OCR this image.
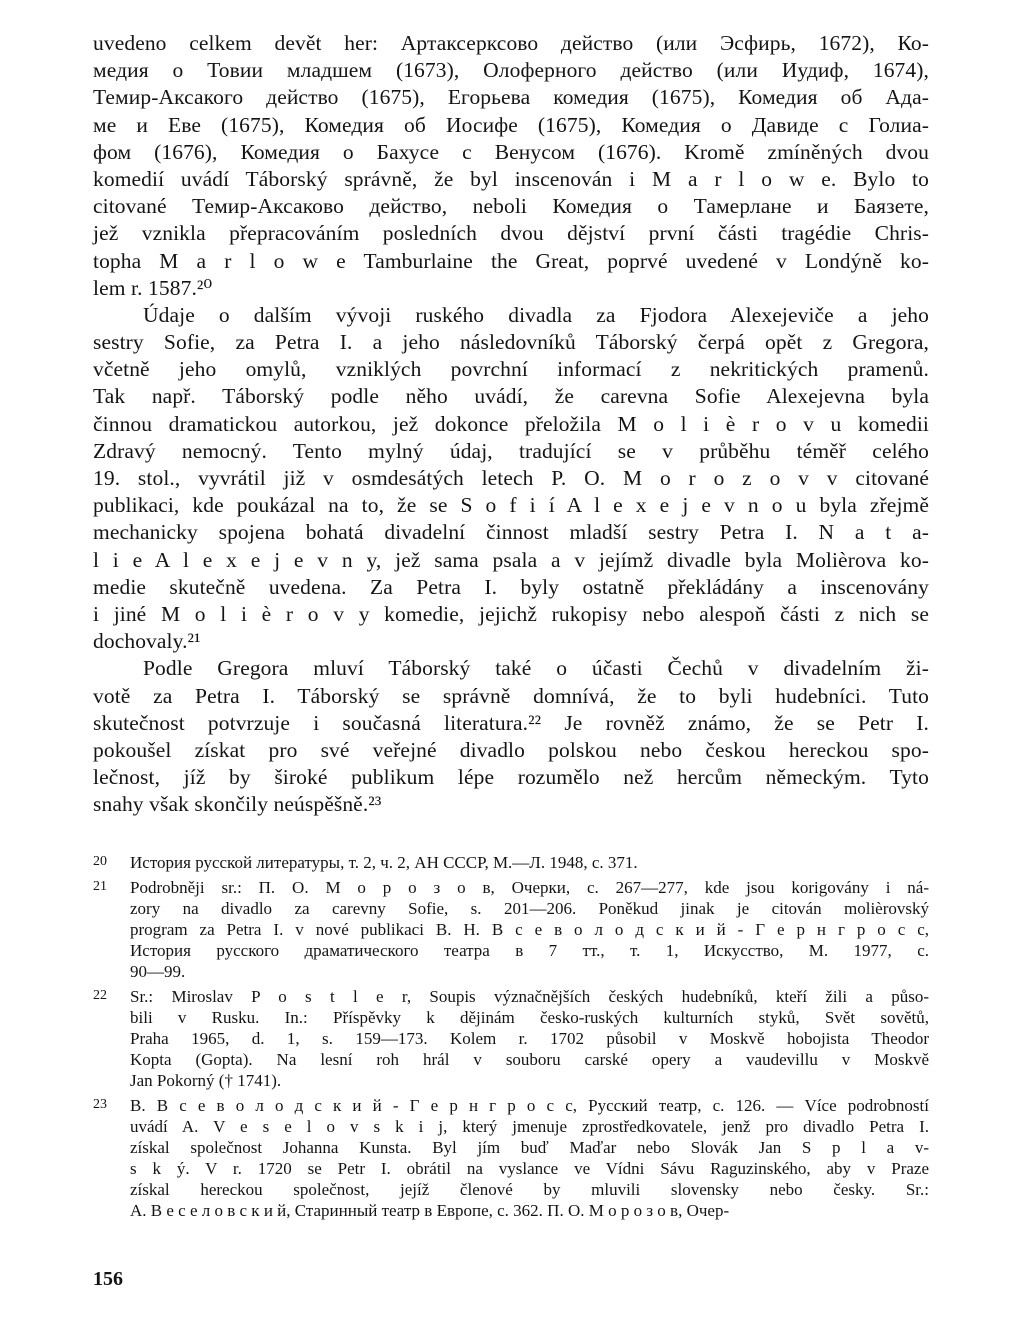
uvedeno celkem devět her: Артаксерксово действо (или Эсфирь, 1672), Ко-
медия о Товии младшем (1673), Олоферного действо (или Иудиф, 1674),
Темир-Аксакого действо (1675), Егорьева комедия (1675), Комедия об Ада-
ме и Еве (1675), Комедия об Иосифе (1675), Комедия о Давиде с Голиа-
фом (1676), Комедия о Бахусе с Венусом (1676). Kromě zmíněných dvou
komedií uvádí Táborský správně, že byl inscenován i M a r l o w e. Bylo to
citované Темир-Аксаково действо, neboli Комедия о Тамерлане и Баязете,
jež vznikla přepracováním posledních dvou dějství první části tragédie Chris-
topha M a r l o w e Tamburlaine the Great, poprvé uvedené v Londýně ko-
lem r. 1587.²⁰

Údaje o dalším vývoji ruského divadla za Fjodora Alexejeviče a jeho
sestry Sofie, za Petra I. a jeho následovníků Táborský čerpá opět z Gregora,
včetně jeho omylů, vzniklých povrchní informací z nekritických pramenů.
Tak např. Táborský podle něho uvádí, že carevna Sofie Alexejevna byla
činnou dramatickou autorkou, jež dokonce přeložila M o l i è r o v u komedii
Zdravý nemocný. Tento mylný údaj, tradující se v průběhu téměř celého
19. stol., vyvrátil již v osmdesátých letech P. O. M o r o z o v v citované
publikaci, kde poukázal na to, že se S o f i í A l e x e j e v n o u byla zřejmě
mechanicky spojena bohatá divadelní činnost mladší sestry Petra I. N a t a-
l i e A l e x e j e v n y, jež sama psala a v jejímž divadle byla Molièrova ko-
medie skutečně uvedena. Za Petra I. byly ostatně překládány a inscenovány
i jiné M o l i è r o v y komedie, jejichž rukopisy nebo alespoň části z nich se
dochovaly.²¹

Podle Gregora mluví Táborský také o účasti Čechů v divadelním ži-
votě za Petra I. Táborský se správně domnívá, že to byli hudebníci. Tuto
skutečnost potvrzuje i současná literatura.²² Je rovněž známo, že se Petr I.
pokoušel získat pro své veřejné divadlo polskou nebo českou hereckou spo-
lečnost, jíž by široké publikum lépe rozumělo než hercům německým. Tyto
snahy však skončily neúspěšně.²³

20 История русской литературы, т. 2, ч. 2, АН СССР, М.—Л. 1948, с. 371.
21 Podrobněji sr.: П. О. М о р о з о в, Очерки, с. 267—277, kde jsou korigovány i ná-
zory na divadlo za carevny Sofie, s. 201—206. Poněkud jinak je citován molièrovský
program za Petra I. v nové publikaci В. Н. В с е в о л о д с к и й - Г е р н г р о с с,
История русского драматического театра в 7 тт., т. 1, Искусство, М. 1977, с.
90—99.
22 Sr.: Miroslav P o s t l e r, Soupis význačnějších českých hudebníků, kteří žili a půso-
bili v Rusku. In.: Příspěvky k dějinám česko-ruských kulturních styků, Svět sovětů,
Praha 1965, d. 1, s. 159—173. Kolem r. 1702 působil v Moskvě hobojista Theodor
Kopta (Gopta). Na lesní roh hrál v souboru carské opery a vaudevillu v Moskvě
Jan Pokorný († 1741).
23 В. В с е в о л о д с к и й - Г е р н г р о с с, Русский театр, с. 126. — Více podrobností
uvádí A. V e s e l o v s k i j, který jmenuje zprostředkovatele, jenž pro divadlo Petra I.
získal společnost Johanna Kunsta. Byl jím buď Maďar nebo Slovák Jan S p l a v-
s k ý. V r. 1720 se Petr I. obrátil na vyslance ve Vídni Sávu Raguzinského, aby v Praze
získal hereckou společnost, jejíž členové by mluvili slovensky nebo česky. Sr.:
А. В е с е л о в с к и й, Старинный театр в Европе, с. 362. П. О. М о р о з о в, Очер-
156
